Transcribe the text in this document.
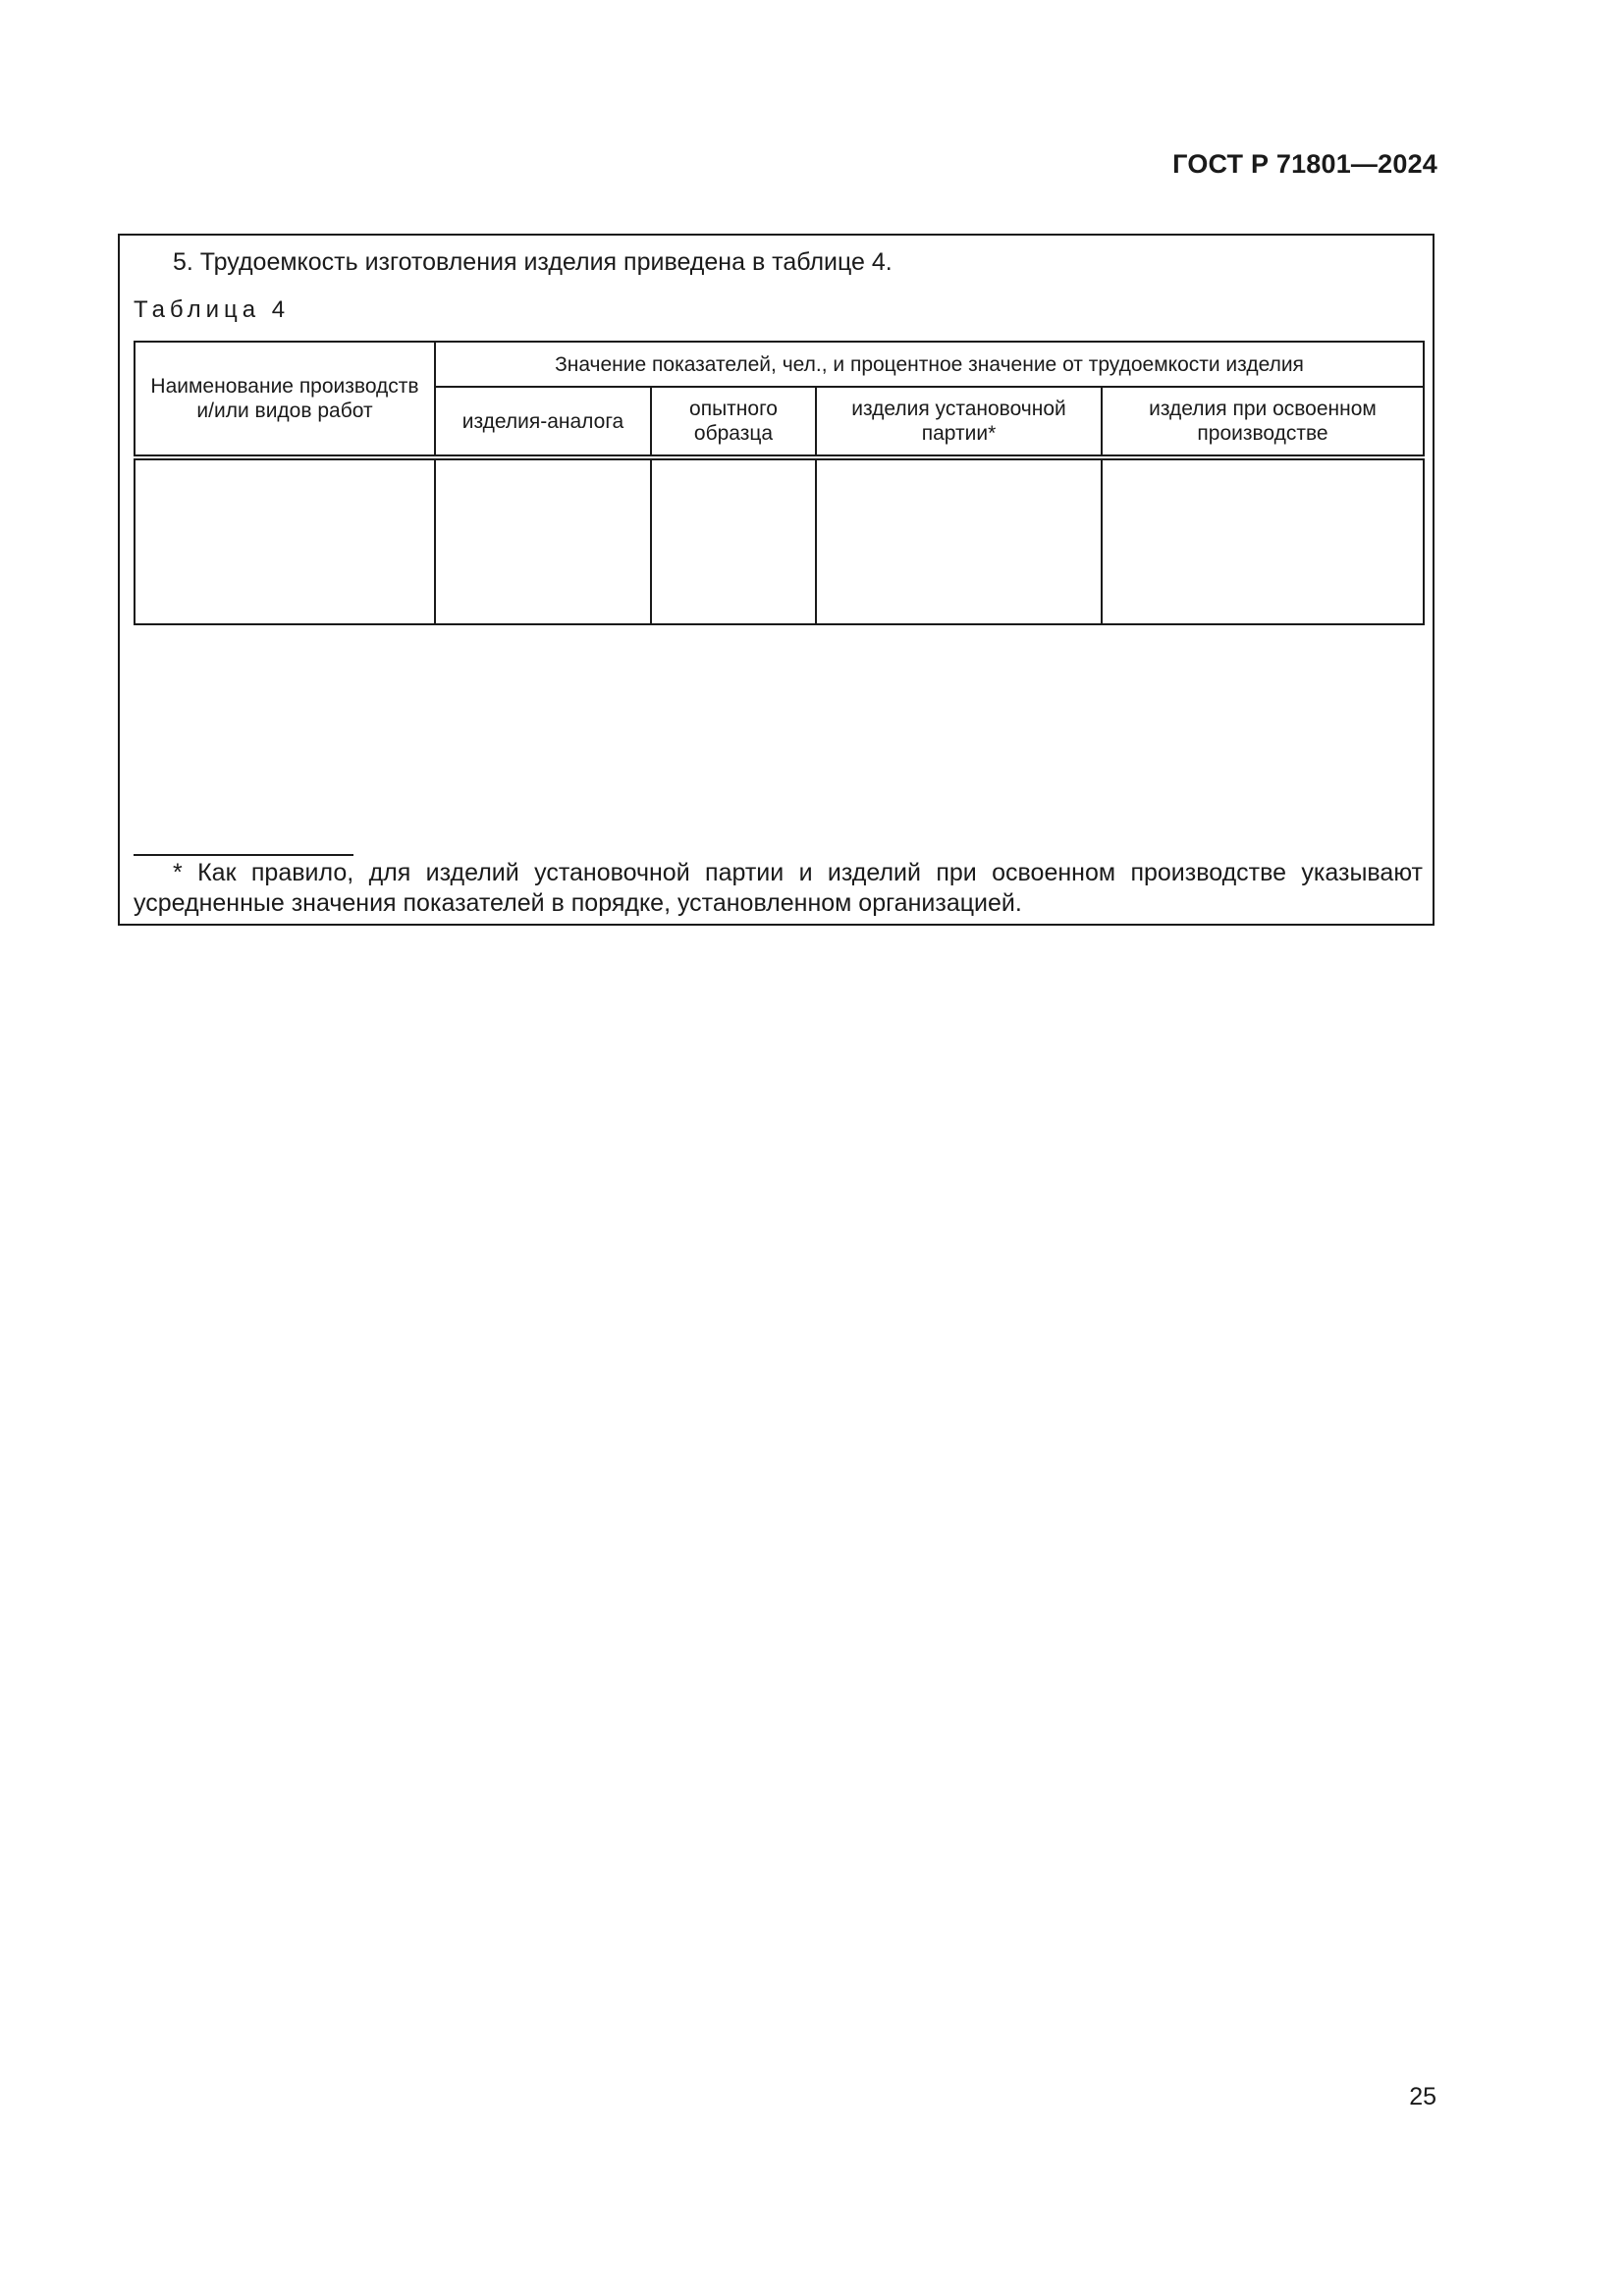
ГОСТ Р 71801—2024
5. Трудоемкость изготовления изделия приведена в таблице 4.
Таблица 4
Наименование производств и/или видов работ	Значение показателей, чел., и процентное значение от трудоемкости изделия			
	изделия-аналога	опытного образца	изделия установочной партии*	изделия при освоенном производстве

* Как правило, для изделий установочной партии и изделий при освоенном производстве указывают усредненные значения показателей в порядке, установленном организацией.
25
